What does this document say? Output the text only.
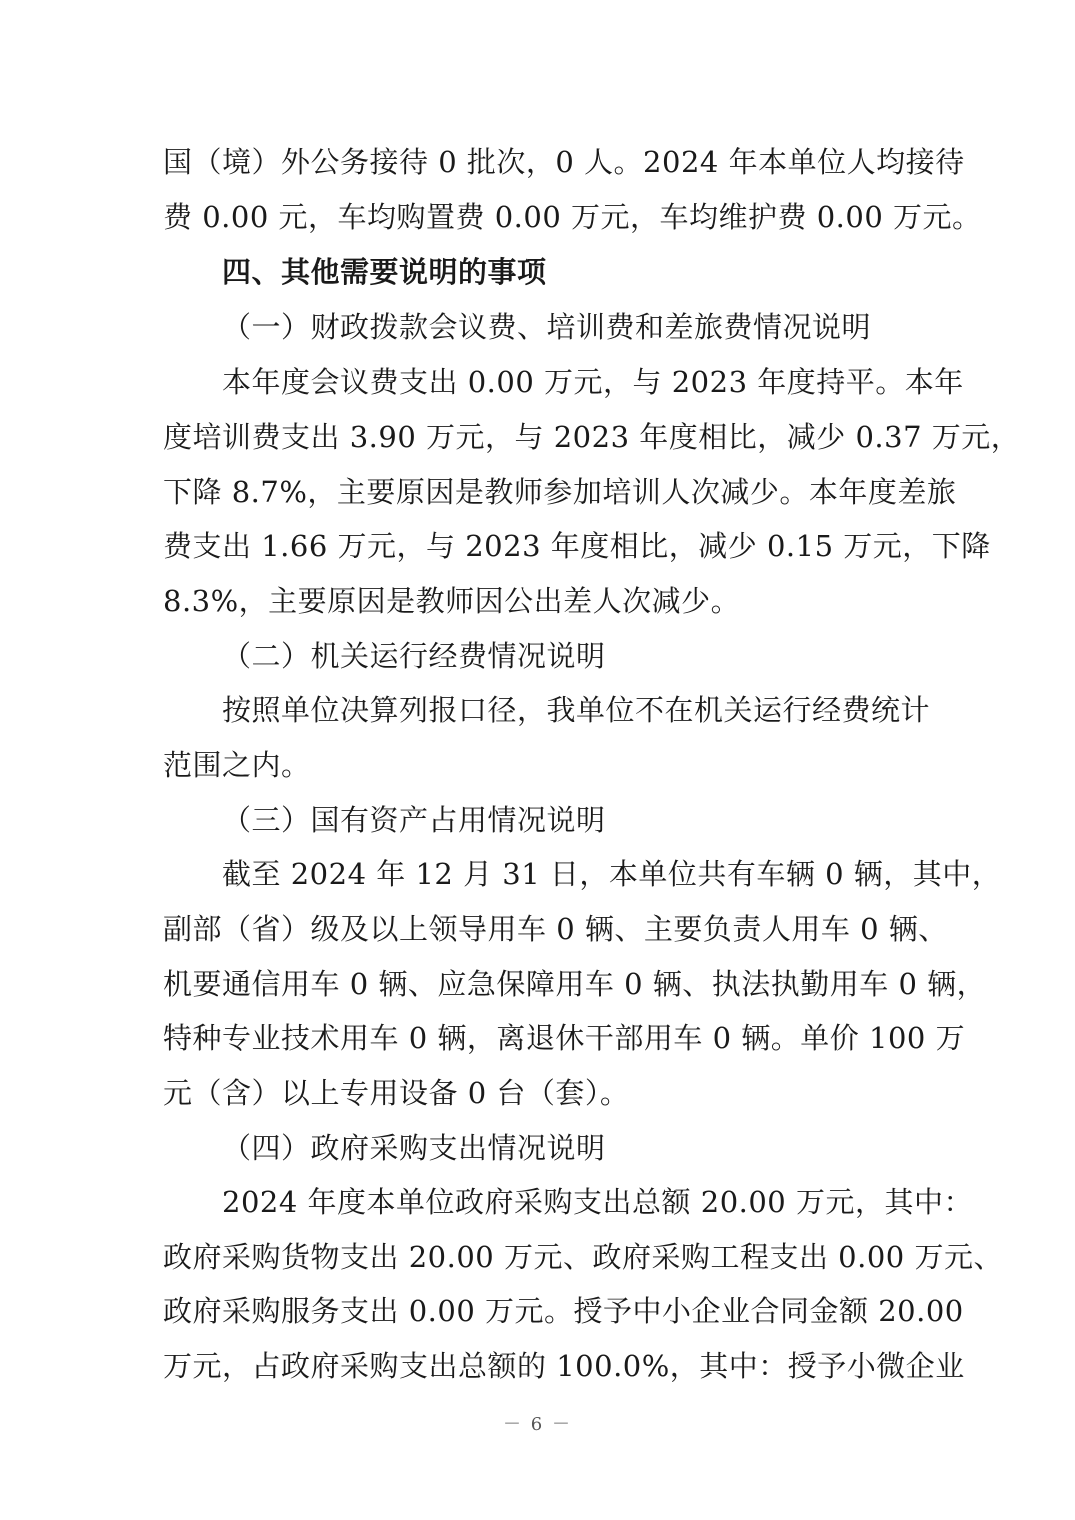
国（境）外公务接待 0 批次，0 人。2024 年本单位人均接待
费 0.00 元，车均购置费 0.00 万元，车均维护费 0.00 万元。
四、其他需要说明的事项
（一）财政拨款会议费、培训费和差旅费情况说明
本年度会议费支出 0.00 万元，与 2023 年度持平。本年
度培训费支出 3.90 万元，与 2023 年度相比，减少 0.37 万元，
下降 8.7%，主要原因是教师参加培训人次减少。本年度差旅
费支出 1.66 万元，与 2023 年度相比，减少 0.15 万元，下降
8.3%，主要原因是教师因公出差人次减少。
（二）机关运行经费情况说明
按照单位决算列报口径，我单位不在机关运行经费统计
范围之内。
（三）国有资产占用情况说明
截至 2024 年 12 月 31 日，本单位共有车辆 0 辆，其中，
副部（省）级及以上领导用车 0 辆、主要负责人用车 0 辆、
机要通信用车 0 辆、应急保障用车 0 辆、执法执勤用车 0 辆，
特种专业技术用车 0 辆，离退休干部用车 0 辆。单价 100 万
元（含）以上专用设备 0 台（套）。
（四）政府采购支出情况说明
2024 年度本单位政府采购支出总额 20.00 万元，其中：
政府采购货物支出 20.00 万元、政府采购工程支出 0.00 万元、
政府采购服务支出 0.00 万元。授予中小企业合同金额 20.00
万元，占政府采购支出总额的 100.0%，其中：授予小微企业
－ 6 －
